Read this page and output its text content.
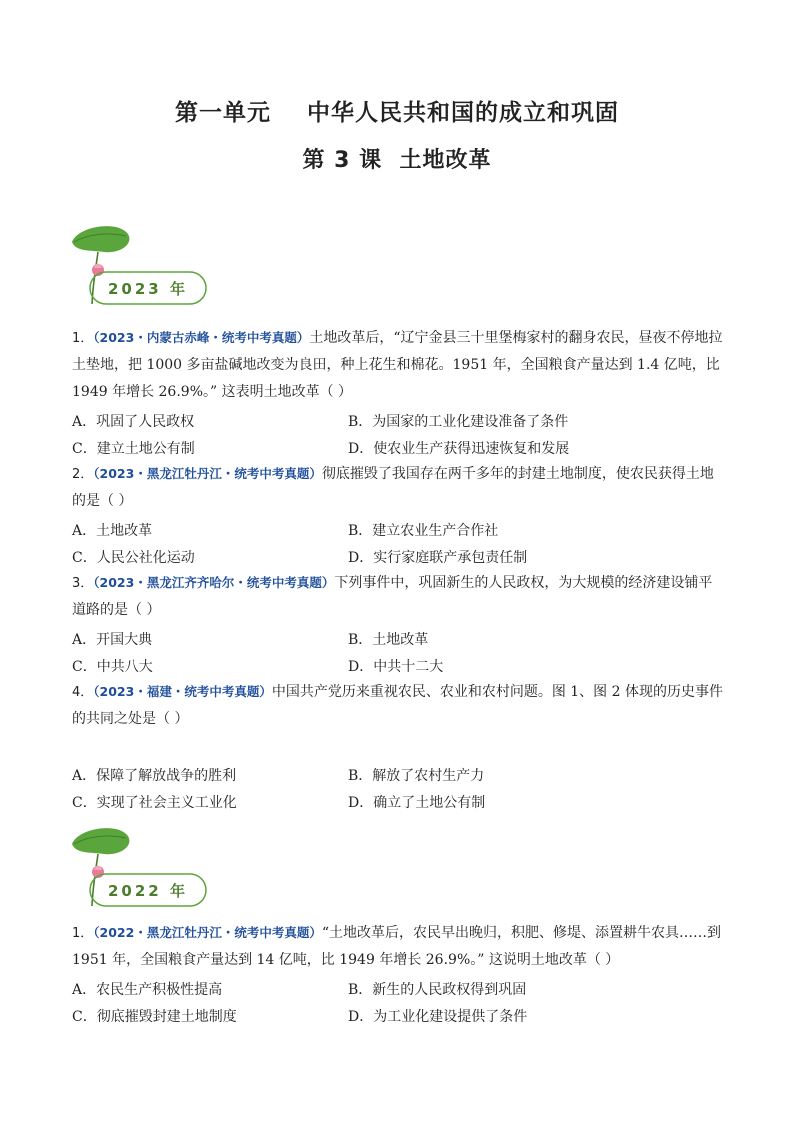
第一单元    中华人民共和国的成立和巩固
第 3 课  土地改革
2023 年
1．（2023・内蒙古赤峰・统考中考真题）土地改革后，“辽宁金县三十里堡梅家村的翻身农民，昼夜不停地拉土垫地，把 1000 多亩盐碱地改变为良田，种上花生和棉花。1951 年，全国粮食产量达到 1.4 亿吨，比 1949 年增长 26.9%。” 这表明土地改革（ ）
A．巩固了人民政权	B．为国家的工业化建设准备了条件
C．建立土地公有制	D．使农业生产获得迅速恢复和发展
2．（2023・黑龙江牡丹江・统考中考真题）彻底摧毁了我国存在两千多年的封建土地制度，使农民获得土地的是（ ）
A．土地改革	B．建立农业生产合作社
C．人民公社化运动	D．实行家庭联产承包责任制
3．（2023・黑龙江齐齐哈尔・统考中考真题）下列事件中，巩固新生的人民政权，为大规模的经济建设铺平道路的是（ ）
A．开国大典	B．土地改革
C．中共八大	D．中共十二大
4．（2023・福建・统考中考真题）中国共产党历来重视农民、农业和农村问题。图 1、图 2 体现的历史事件的共同之处是（ ）
A．保障了解放战争的胜利	B．解放了农村生产力
C．实现了社会主义工业化	D．确立了土地公有制
2022 年
1．（2022・黑龙江牡丹江・统考中考真题）“土地改革后，农民早出晚归，积肥、修堤、添置耕牛农具……到 1951 年，全国粮食产量达到 14 亿吨，比 1949 年增长 26.9%。” 这说明土地改革（ ）
A．农民生产积极性提高	B．新生的人民政权得到巩固
C．彻底摧毁封建土地制度	D．为工业化建设提供了条件
